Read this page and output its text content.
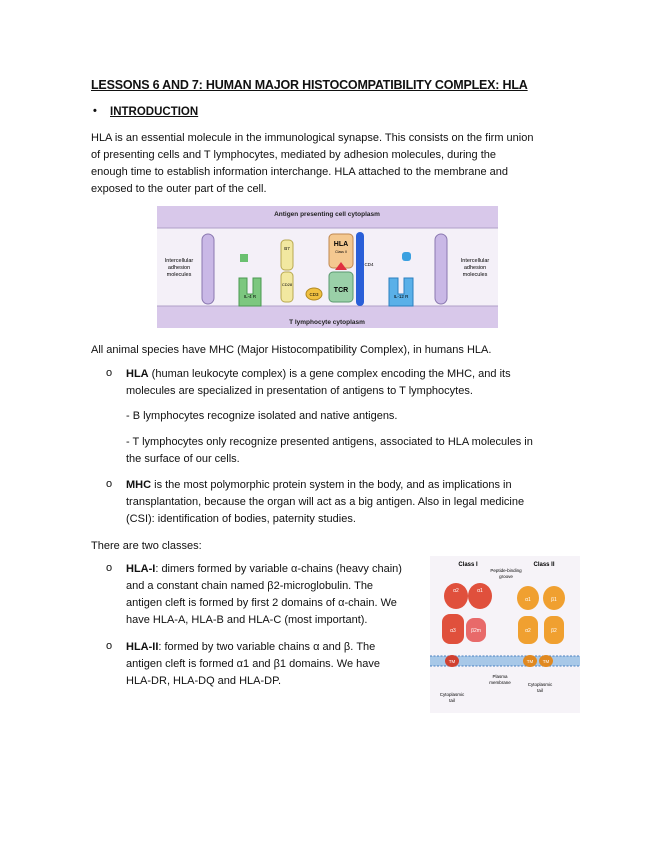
LESSONS 6 AND 7: HUMAN MAJOR HISTOCOMPATIBILITY COMPLEX: HLA
• INTRODUCTION
HLA is an essential molecule in the immunological synapse. This consists on the firm union
of presenting cells and T lymphocytes, mediated by adhesion molecules, during the
enough time to establish information interchange. HLA attached to the membrane and
exposed to the outer part of the cell.
Antigen presenting cell cytoplasm
T lymphocyte cytoplasm
Intercellular
adhesion
molecules
Intercellular
adhesion
molecules
IL-4 R
B7
CD28
CD3
HLA
Class II
TCR
CD4
IL-12 R
All animal species have MHC (Major Histocompatibility Complex), in humans HLA.
o HLA (human leukocyte complex) is a gene complex encoding the MHC, and its
molecules are specialized in presentation of antigens to T lymphocytes.
- B lymphocytes recognize isolated and native antigens.
- T lymphocytes only recognize presented antigens, associated to HLA molecules in
the surface of our cells.
o MHC is the most polymorphic protein system in the body, and as implications in
transplantation, because the organ will act as a big antigen. Also in legal medicine
(CSI): identification of bodies, paternity studies.
There are two classes:
o HLA-I: dimers formed by variable α-chains (heavy chain)
and a constant chain named β2-microglobulin. The
antigen cleft is formed by first 2 domains of α-chain. We
have HLA-A, HLA-B and HLA-C (most important).
o HLA-II: formed by two variable chains α and β. The
antigen cleft is formed α1 and β1 domains. We have
HLA-DR, HLA-DQ and HLA-DP.
Class I	Class II
Peptide-binding
groove
Plasma
membrane
α2	α1
α3	β2m
TM
Cytoplasmic
tail
α1	β1
α2	β2
TM TM
Cytoplasmic
tail
